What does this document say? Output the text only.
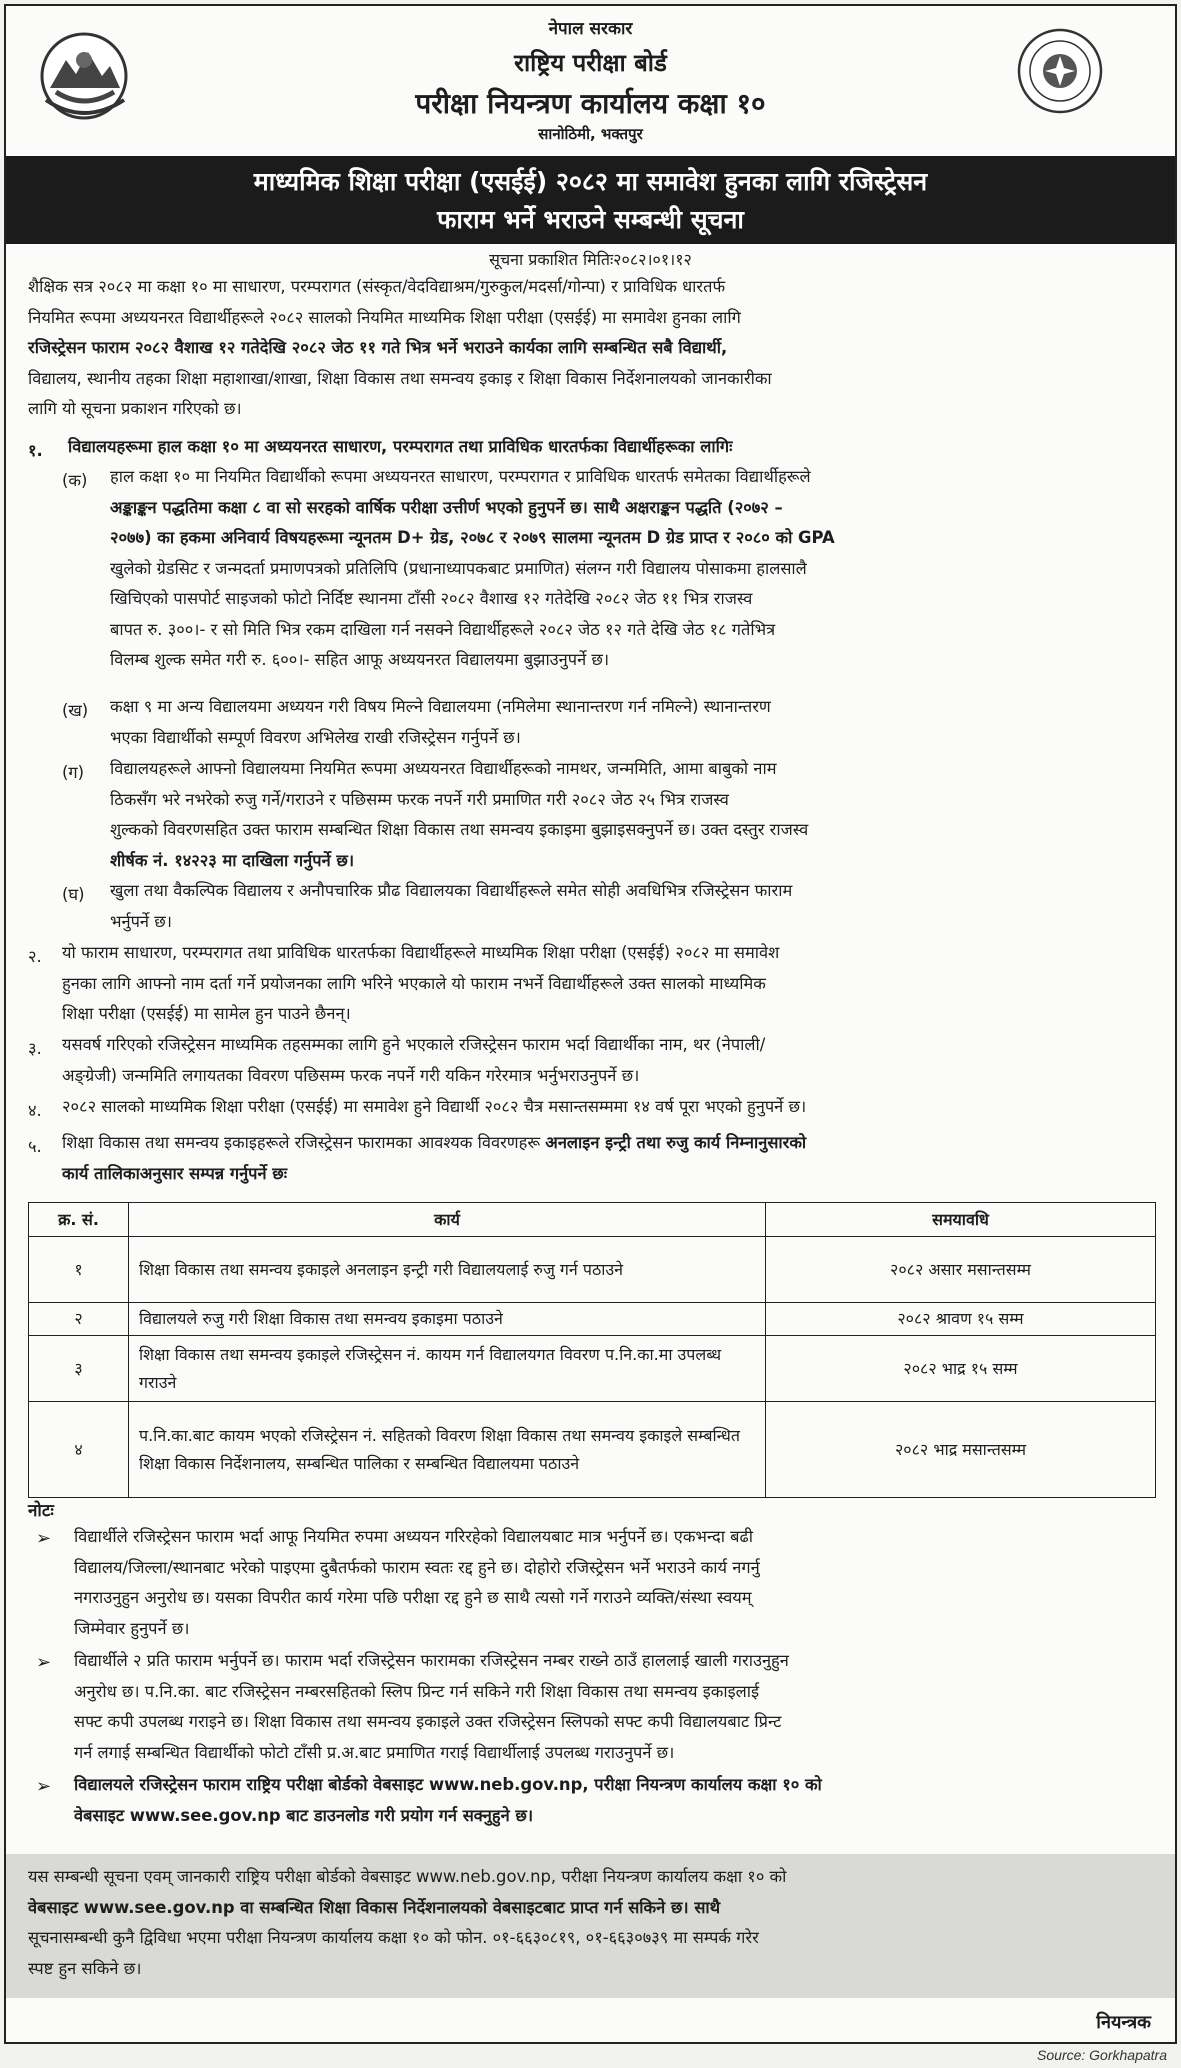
नेपाल सरकार
राष्ट्रिय परीक्षा बोर्ड
परीक्षा नियन्त्रण कार्यालय कक्षा १०
सानोठिमी, भक्तपुर
माध्यमिक शिक्षा परीक्षा (एसईई) २०८२ मा समावेश हुनका लागि रजिस्ट्रेसन
फाराम भर्ने भराउने सम्बन्धी सूचना
सूचना प्रकाशित मितिः२०८२।०१।१२
शैक्षिक सत्र २०८२ मा कक्षा १० मा साधारण, परम्परागत (संस्कृत/वेदविद्याश्रम/गुरुकुल/मदर्सा/गोन्पा) र प्राविधिक धारतर्फ
नियमित रूपमा अध्ययनरत विद्यार्थीहरूले २०८२ सालको नियमित माध्यमिक शिक्षा परीक्षा (एसईई) मा समावेश हुनका लागि
रजिस्ट्रेसन फाराम २०८२ वैशाख १२ गतेदेखि २०८२ जेठ ११ गते भित्र भर्ने भराउने कार्यका लागि सम्बन्धित सबै विद्यार्थी,
विद्यालय, स्थानीय तहका शिक्षा महाशाखा/शाखा, शिक्षा विकास तथा समन्वय इकाइ र शिक्षा विकास निर्देशनालयको जानकारीका
लागि यो सूचना प्रकाशन गरिएको छ।
१. विद्यालयहरूमा हाल कक्षा १० मा अध्ययनरत साधारण, परम्परागत तथा प्राविधिक धारतर्फका विद्यार्थीहरूका लागिः
(क) हाल कक्षा १० मा नियमित विद्यार्थीको रूपमा अध्ययनरत साधारण, परम्परागत र प्राविधिक धारतर्फ समेतका विद्यार्थीहरूले
अङ्काङ्कन पद्धतिमा कक्षा ८ वा सो सरहको वार्षिक परीक्षा उत्तीर्ण भएको हुनुपर्ने छ। साथै अक्षराङ्कन पद्धति (२०७२ –
२०७७) का हकमा अनिवार्य विषयहरूमा न्यूनतम D+ ग्रेड, २०७८ र २०७९ सालमा न्यूनतम D ग्रेड प्राप्त र २०८० को GPA
खुलेको ग्रेडसिट र जन्मदर्ता प्रमाणपत्रको प्रतिलिपि (प्रधानाध्यापकबाट प्रमाणित) संलग्न गरी विद्यालय पोसाकमा हालसालै
खिचिएको पासपोर्ट साइजको फोटो निर्दिष्ट स्थानमा टाँसी २०८२ वैशाख १२ गतेदेखि २०८२ जेठ ११ भित्र राजस्व
बापत रु. ३००।- र सो मिति भित्र रकम दाखिला गर्न नसक्ने विद्यार्थीहरूले २०८२ जेठ १२ गते देखि जेठ १८ गतेभित्र
विलम्ब शुल्क समेत गरी रु. ६००।- सहित आफू अध्ययनरत विद्यालयमा बुझाउनुपर्ने छ।
(ख) कक्षा ९ मा अन्य विद्यालयमा अध्ययन गरी विषय मिल्ने विद्यालयमा (नमिलेमा स्थानान्तरण गर्न नमिल्ने) स्थानान्तरण
भएका विद्यार्थीको सम्पूर्ण विवरण अभिलेख राखी रजिस्ट्रेसन गर्नुपर्ने छ।
(ग) विद्यालयहरूले आफ्नो विद्यालयमा नियमित रूपमा अध्ययनरत विद्यार्थीहरूको नामथर, जन्ममिति, आमा बाबुको नाम
ठिकसँग भरे नभरेको रुजु गर्ने/गराउने र पछिसम्म फरक नपर्ने गरी प्रमाणित गरी २०८२ जेठ २५ भित्र राजस्व
शुल्कको विवरणसहित उक्त फाराम सम्बन्धित शिक्षा विकास तथा समन्वय इकाइमा बुझाइसक्नुपर्ने छ। उक्त दस्तुर राजस्व
शीर्षक नं. १४२२३ मा दाखिला गर्नुपर्ने छ।
(घ) खुला तथा वैकल्पिक विद्यालय र अनौपचारिक प्रौढ विद्यालयका विद्यार्थीहरूले समेत सोही अवधिभित्र रजिस्ट्रेसन फाराम
भर्नुपर्ने छ।
२. यो फाराम साधारण, परम्परागत तथा प्राविधिक धारतर्फका विद्यार्थीहरूले माध्यमिक शिक्षा परीक्षा (एसईई) २०८२ मा समावेश
हुनका लागि आफ्नो नाम दर्ता गर्ने प्रयोजनका लागि भरिने भएकाले यो फाराम नभर्ने विद्यार्थीहरूले उक्त सालको माध्यमिक
शिक्षा परीक्षा (एसईई) मा सामेल हुन पाउने छैनन्।
३. यसवर्ष गरिएको रजिस्ट्रेसन माध्यमिक तहसम्मका लागि हुने भएकाले रजिस्ट्रेसन फाराम भर्दा विद्यार्थीका नाम, थर (नेपाली/
अङ्ग्रेजी) जन्ममिति लगायतका विवरण पछिसम्म फरक नपर्ने गरी यकिन गरेरमात्र भर्नुभराउनुपर्ने छ।
४. २०८२ सालको माध्यमिक शिक्षा परीक्षा (एसईई) मा समावेश हुने विद्यार्थी २०८२ चैत्र मसान्तसम्ममा १४ वर्ष पूरा भएको हुनुपर्ने छ।
५. शिक्षा विकास तथा समन्वय इकाइहरूले रजिस्ट्रेसन फारामका आवश्यक विवरणहरू अनलाइन इन्ट्री तथा रुजु कार्य निम्नानुसारको
कार्य तालिकाअनुसार सम्पन्न गर्नुपर्ने छः
क्र. सं.	कार्य	समयावधि
१	शिक्षा विकास तथा समन्वय इकाइले अनलाइन इन्ट्री गरी विद्यालयलाई रुजु गर्न पठाउने	२०८२ असार मसान्तसम्म
२	विद्यालयले रुजु गरी शिक्षा विकास तथा समन्वय इकाइमा पठाउने	२०८२ श्रावण १५ सम्म
३	शिक्षा विकास तथा समन्वय इकाइले रजिस्ट्रेसन नं. कायम गर्न विद्यालयगत विवरण प.नि.का.मा उपलब्ध गराउने	२०८२ भाद्र १५ सम्म
४	प.नि.का.बाट कायम भएको रजिस्ट्रेसन नं. सहितको विवरण शिक्षा विकास तथा समन्वय इकाइले सम्बन्धित शिक्षा विकास निर्देशनालय, सम्बन्धित पालिका र सम्बन्धित विद्यालयमा पठाउने	२०८२ भाद्र मसान्तसम्म
नोटः
➢ विद्यार्थीले रजिस्ट्रेसन फाराम भर्दा आफू नियमित रुपमा अध्ययन गरिरहेको विद्यालयबाट मात्र भर्नुपर्ने छ। एकभन्दा बढी
विद्यालय/जिल्ला/स्थानबाट भरेको पाइएमा दुबैतर्फको फाराम स्वतः रद्द हुने छ। दोहोरो रजिस्ट्रेसन भर्ने भराउने कार्य नगर्नु
नगराउनुहुन अनुरोध छ। यसका विपरीत कार्य गरेमा पछि परीक्षा रद्द हुने छ साथै त्यसो गर्ने गराउने व्यक्ति/संस्था स्वयम्
जिम्मेवार हुनुपर्ने छ।
➢ विद्यार्थीले २ प्रति फाराम भर्नुपर्ने छ। फाराम भर्दा रजिस्ट्रेसन फारामका रजिस्ट्रेसन नम्बर राख्ने ठाउँ हाललाई खाली गराउनुहुन
अनुरोध छ। प.नि.का. बाट रजिस्ट्रेसन नम्बरसहितको स्लिप प्रिन्ट गर्न सकिने गरी शिक्षा विकास तथा समन्वय इकाइलाई
सफ्ट कपी उपलब्ध गराइने छ। शिक्षा विकास तथा समन्वय इकाइले उक्त रजिस्ट्रेसन स्लिपको सफ्ट कपी विद्यालयबाट प्रिन्ट
गर्न लगाई सम्बन्धित विद्यार्थीको फोटो टाँसी प्र.अ.बाट प्रमाणित गराई विद्यार्थीलाई उपलब्ध गराउनुपर्ने छ।
➢ विद्यालयले रजिस्ट्रेसन फाराम राष्ट्रिय परीक्षा बोर्डको वेबसाइट www.neb.gov.np, परीक्षा नियन्त्रण कार्यालय कक्षा १० को
वेबसाइट www.see.gov.np बाट डाउनलोड गरी प्रयोग गर्न सक्नुहुने छ।
यस सम्बन्धी सूचना एवम् जानकारी राष्ट्रिय परीक्षा बोर्डको वेबसाइट www.neb.gov.np, परीक्षा नियन्त्रण कार्यालय कक्षा १० को
वेबसाइट www.see.gov.np वा सम्बन्धित शिक्षा विकास निर्देशनालयको वेबसाइटबाट प्राप्त गर्न सकिने छ। साथै
सूचनासम्बन्धी कुनै द्विविधा भएमा परीक्षा नियन्त्रण कार्यालय कक्षा १० को फोन. ०१-६६३०८१९, ०१-६६३०७३९ मा सम्पर्क गरेर
स्पष्ट हुन सकिने छ।
नियन्त्रक
Source: Gorkhapatra
